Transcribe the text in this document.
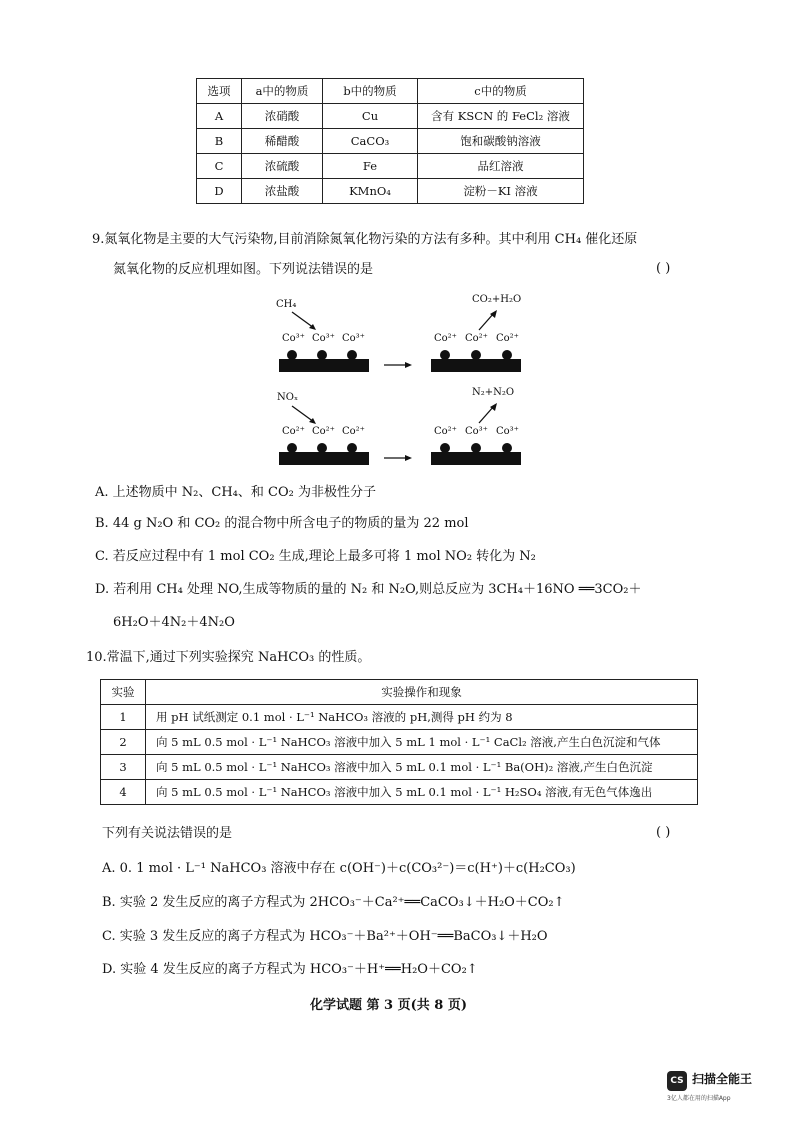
选项	a中的物质	b中的物质	c中的物质
A	浓硝酸	Cu	含有 KSCN 的 FeCl₂ 溶液
B	稀醋酸	CaCO₃	饱和碳酸钠溶液
C	浓硫酸	Fe	品红溶液
D	浓盐酸	KMnO₄	淀粉－KI 溶液
9.氮氧化物是主要的大气污染物,目前消除氮氧化物污染的方法有多种。其中利用 CH₄ 催化还原
氮氧化物的反应机理如图。下列说法错误的是	( )
CH₄
Co³⁺ Co³⁺ Co³⁺
CO₂+H₂O
Co²⁺ Co²⁺ Co²⁺
NOₓ
Co²⁺ Co²⁺ Co²⁺
N₂+N₂O
Co²⁺ Co³⁺ Co³⁺
A. 上述物质中 N₂、CH₄、和 CO₂ 为非极性分子
B. 44 g N₂O 和 CO₂ 的混合物中所含电子的物质的量为 22 mol
C. 若反应过程中有 1 mol CO₂ 生成,理论上最多可将 1 mol NO₂ 转化为 N₂
D. 若利用 CH₄ 处理 NO,生成等物质的量的 N₂ 和 N₂O,则总反应为 3CH₄＋16NO ══3CO₂＋
6H₂O＋4N₂＋4N₂O
10.常温下,通过下列实验探究 NaHCO₃ 的性质。
实验	实验操作和现象
1	用 pH 试纸测定 0.1 mol · L⁻¹ NaHCO₃ 溶液的 pH,测得 pH 约为 8
2	向 5 mL 0.5 mol · L⁻¹ NaHCO₃ 溶液中加入 5 mL 1 mol · L⁻¹ CaCl₂ 溶液,产生白色沉淀和气体
3	向 5 mL 0.5 mol · L⁻¹ NaHCO₃ 溶液中加入 5 mL 0.1 mol · L⁻¹ Ba(OH)₂ 溶液,产生白色沉淀
4	向 5 mL 0.5 mol · L⁻¹ NaHCO₃ 溶液中加入 5 mL 0.1 mol · L⁻¹ H₂SO₄ 溶液,有无色气体逸出
下列有关说法错误的是	( )
A. 0. 1 mol · L⁻¹ NaHCO₃ 溶液中存在 c(OH⁻)＋c(CO₃²⁻)＝c(H⁺)＋c(H₂CO₃)
B. 实验 2 发生反应的离子方程式为 2HCO₃⁻＋Ca²⁺══CaCO₃↓＋H₂O＋CO₂↑
C. 实验 3 发生反应的离子方程式为 HCO₃⁻＋Ba²⁺＋OH⁻══BaCO₃↓＋H₂O
D. 实验 4 发生反应的离子方程式为 HCO₃⁻＋H⁺══H₂O＋CO₂↑
化学试题 第 3 页(共 8 页)
CS 扫描全能王
3亿人都在用的扫描App
